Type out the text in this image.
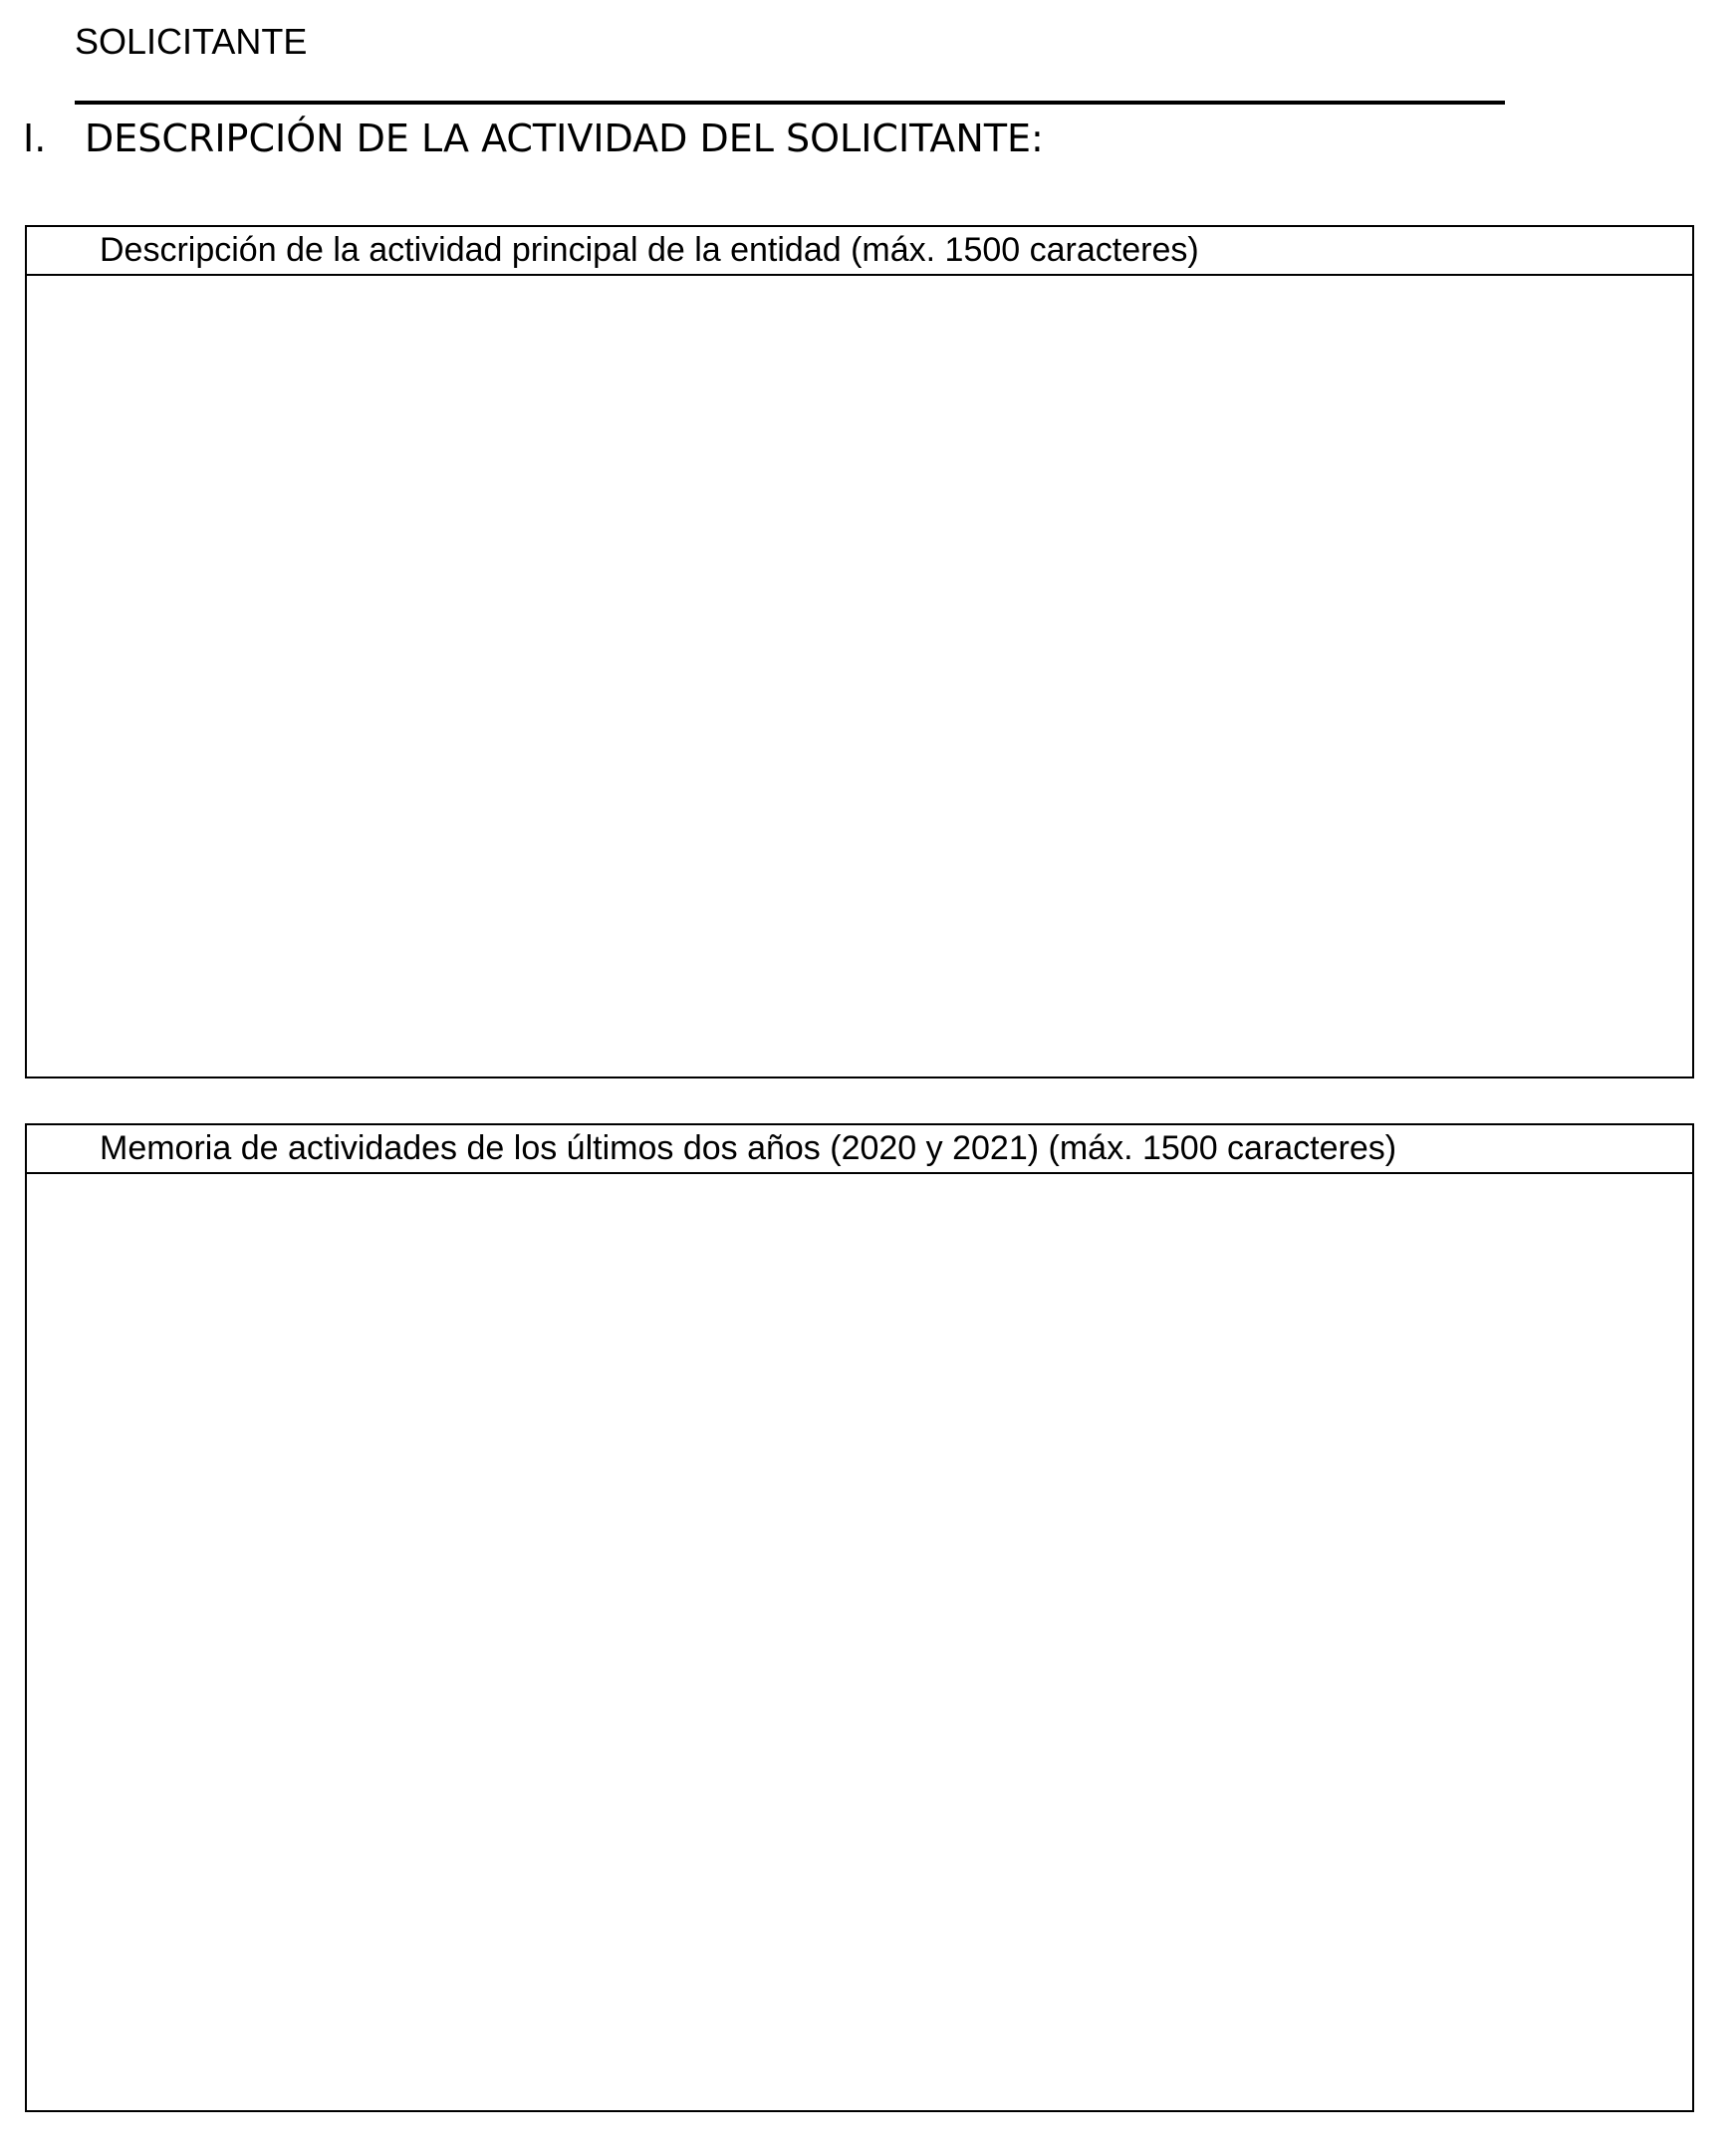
SOLICITANTE
I.	DESCRIPCIÓN DE LA ACTIVIDAD DEL SOLICITANTE:
Descripción de la actividad principal de la entidad (máx. 1500 caracteres)
Memoria de actividades de los últimos dos años (2020 y 2021) (máx. 1500 caracteres)
